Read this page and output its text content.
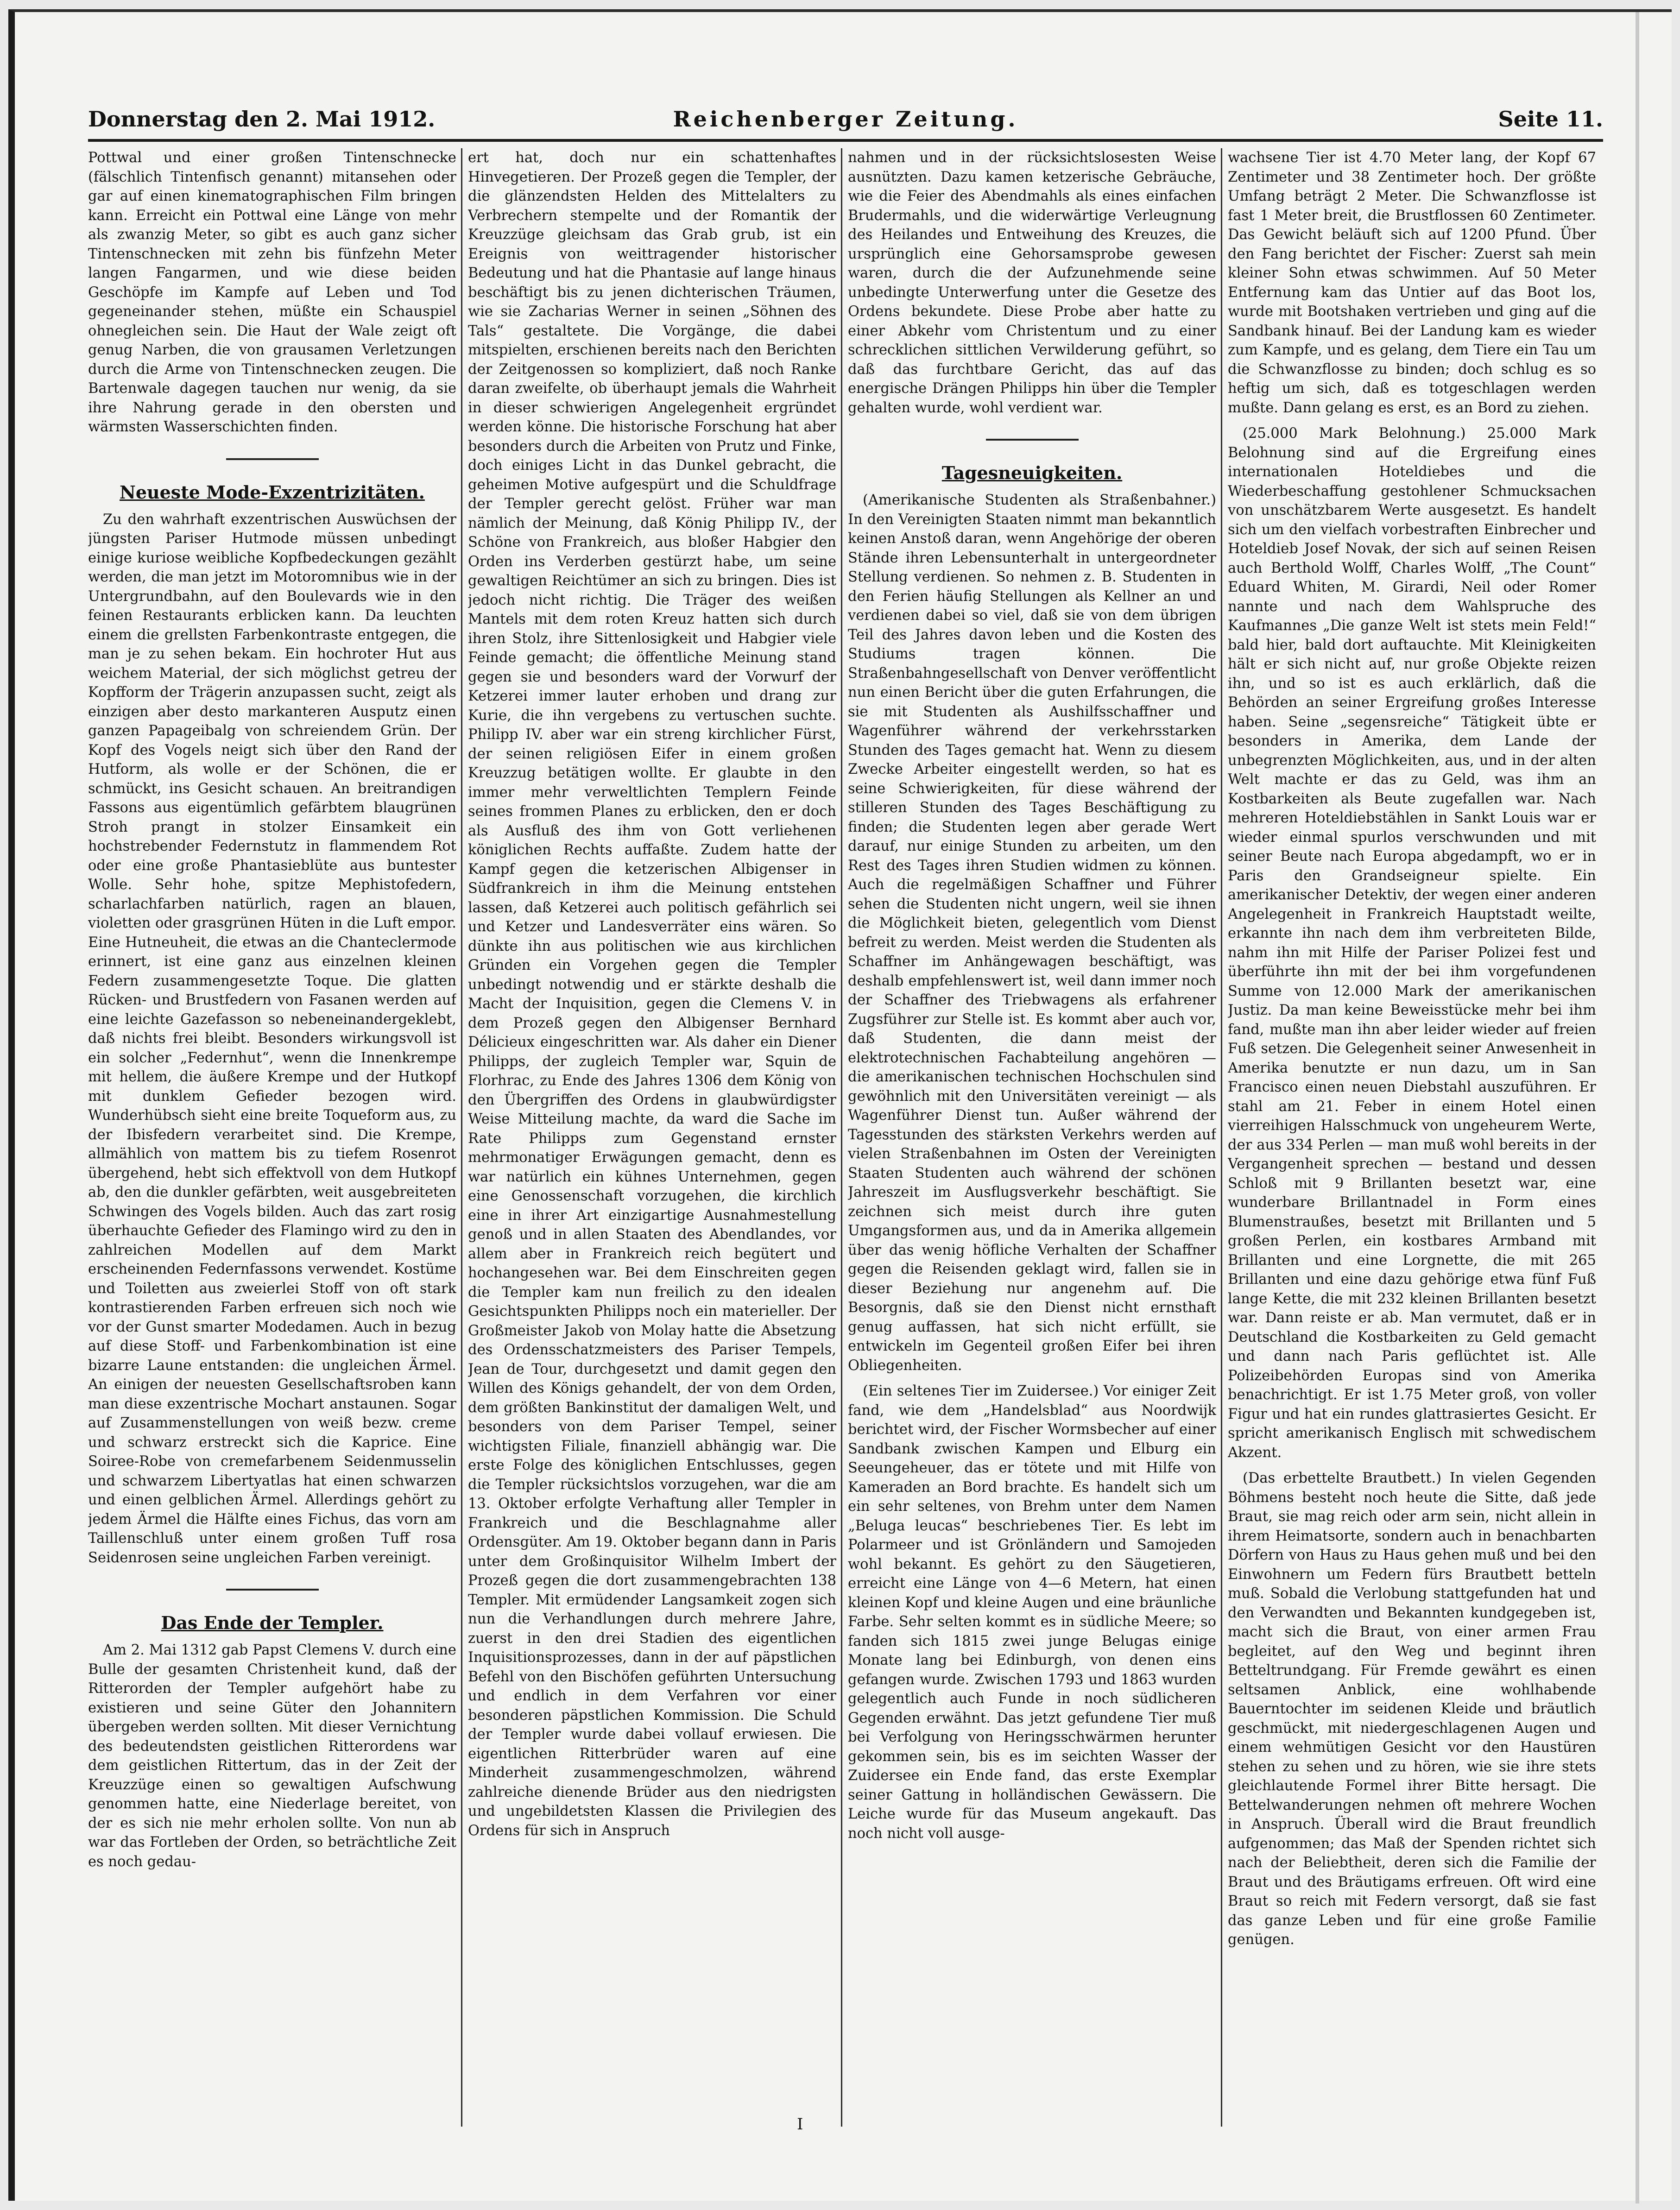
Donnerstag den 2. Mai 1912.	Reichenberger Zeitung.	Seite 11.

Pottwal und einer großen Tintenschnecke (fälschlich Tintenfisch genannt) mitansehen oder gar auf einen kinematographischen Film bringen kann. Erreicht ein Pottwal eine Länge von mehr als zwanzig Meter, so gibt es auch ganz sicher Tintenschnecken mit zehn bis fünfzehn Meter langen Fangarmen, und wie diese beiden Geschöpfe im Kampfe auf Leben und Tod gegeneinander stehen, müßte ein Schauspiel ohnegleichen sein. Die Haut der Wale zeigt oft genug Narben, die von grausamen Verletzungen durch die Arme von Tintenschnecken zeugen. Die Bartenwale dagegen tauchen nur wenig, da sie ihre Nahrung gerade in den obersten und wärmsten Wasserschichten finden.

Neueste Mode-Exzentrizitäten.

Zu den wahrhaft exzentrischen Auswüchsen der jüngsten Pariser Hutmode müssen unbedingt einige kuriose weibliche Kopfbedeckungen gezählt werden, die man jetzt im Motoromnibus wie in der Untergrundbahn, auf den Boulevards wie in den feinen Restaurants erblicken kann. Da leuchten einem die grellsten Farbenkontraste entgegen, die man je zu sehen bekam. Ein hochroter Hut aus weichem Material, der sich möglichst getreu der Kopfform der Trägerin anzupassen sucht, zeigt als einzigen aber desto markanteren Ausputz einen ganzen Papageibalg von schreiendem Grün. Der Kopf des Vogels neigt sich über den Rand der Hutform, als wolle er der Schönen, die er schmückt, ins Gesicht schauen. An breitrandigen Fassons aus eigentümlich gefärbtem blaugrünen Stroh prangt in stolzer Einsamkeit ein hochstrebender Federnstutz in flammendem Rot oder eine große Phantasieblüte aus buntester Wolle. Sehr hohe, spitze Mephistofedern, scharlachfarben natürlich, ragen an blauen, violetten oder grasgrünen Hüten in die Luft empor. Eine Hutneuheit, die etwas an die Chanteclermode erinnert, ist eine ganz aus einzelnen kleinen Federn zusammengesetzte Toque. Die glatten Rücken- und Brustfedern von Fasanen werden auf eine leichte Gazefasson so nebeneinandergeklebt, daß nichts frei bleibt. Besonders wirkungsvoll ist ein solcher „Federnhut“, wenn die Innenkrempe mit hellem, die äußere Krempe und der Hutkopf mit dunklem Gefieder bezogen wird. Wunderhübsch sieht eine breite Toqueform aus, zu der Ibisfedern verarbeitet sind. Die Krempe, allmählich von mattem bis zu tiefem Rosenrot übergehend, hebt sich effektvoll von dem Hutkopf ab, den die dunkler gefärbten, weit ausgebreiteten Schwingen des Vogels bilden. Auch das zart rosig überhauchte Gefieder des Flamingo wird zu den in zahlreichen Modellen auf dem Markt erscheinenden Federnfassons verwendet. Kostüme und Toiletten aus zweierlei Stoff von oft stark kontrastierenden Farben erfreuen sich noch wie vor der Gunst smarter Modedamen. Auch in bezug auf diese Stoff- und Farbenkombination ist eine bizarre Laune entstanden: die ungleichen Ärmel. An einigen der neuesten Gesellschaftsroben kann man diese exzentrische Mochart anstaunen. Sogar auf Zusammenstellungen von weiß bezw. creme und schwarz erstreckt sich die Kaprice. Eine Soiree-Robe von cremefarbenem Seidenmusselin und schwarzem Libertyatlas hat einen schwarzen und einen gelblichen Ärmel. Allerdings gehört zu jedem Ärmel die Hälfte eines Fichus, das vorn am Taillenschluß unter einem großen Tuff rosa Seidenrosen seine ungleichen Farben vereinigt.

Das Ende der Templer.

Am 2. Mai 1312 gab Papst Clemens V. durch eine Bulle der gesamten Christenheit kund, daß der Ritterorden der Templer aufgehört habe zu existieren und seine Güter den Johannitern übergeben werden sollten. Mit dieser Vernichtung des bedeutendsten geistlichen Ritterordens war dem geistlichen Rittertum, das in der Zeit der Kreuzzüge einen so gewaltigen Aufschwung genommen hatte, eine Niederlage bereitet, von der es sich nie mehr erholen sollte. Von nun ab war das Fortleben der Orden, so beträchtliche Zeit es noch gedau-

ert hat, doch nur ein schattenhaftes Hinvegetieren. Der Prozeß gegen die Templer, der die glänzendsten Helden des Mittelalters zu Verbrechern stempelte und der Romantik der Kreuzzüge gleichsam das Grab grub, ist ein Ereignis von weittragender historischer Bedeutung und hat die Phantasie auf lange hinaus beschäftigt bis zu jenen dichterischen Träumen, wie sie Zacharias Werner in seinen „Söhnen des Tals“ gestaltete. Die Vorgänge, die dabei mitspielten, erschienen bereits nach den Berichten der Zeitgenossen so kompliziert, daß noch Ranke daran zweifelte, ob überhaupt jemals die Wahrheit in dieser schwierigen Angelegenheit ergründet werden könne. Die historische Forschung hat aber besonders durch die Arbeiten von Prutz und Finke, doch einiges Licht in das Dunkel gebracht, die geheimen Motive aufgespürt und die Schuldfrage der Templer gerecht gelöst. Früher war man nämlich der Meinung, daß König Philipp IV., der Schöne von Frankreich, aus bloßer Habgier den Orden ins Verderben gestürzt habe, um seine gewaltigen Reichtümer an sich zu bringen. Dies ist jedoch nicht richtig. Die Träger des weißen Mantels mit dem roten Kreuz hatten sich durch ihren Stolz, ihre Sittenlosigkeit und Habgier viele Feinde gemacht; die öffentliche Meinung stand gegen sie und besonders ward der Vorwurf der Ketzerei immer lauter erhoben und drang zur Kurie, die ihn vergebens zu vertuschen suchte. Philipp IV. aber war ein streng kirchlicher Fürst, der seinen religiösen Eifer in einem großen Kreuzzug betätigen wollte. Er glaubte in den immer mehr verweltlichten Templern Feinde seines frommen Planes zu erblicken, den er doch als Ausfluß des ihm von Gott verliehenen königlichen Rechts auffaßte. Zudem hatte der Kampf gegen die ketzerischen Albigenser in Südfrankreich in ihm die Meinung entstehen lassen, daß Ketzerei auch politisch gefährlich sei und Ketzer und Landesverräter eins wären. So dünkte ihn aus politischen wie aus kirchlichen Gründen ein Vorgehen gegen die Templer unbedingt notwendig und er stärkte deshalb die Macht der Inquisition, gegen die Clemens V. in dem Prozeß gegen den Albigenser Bernhard Délicieux eingeschritten war. Als daher ein Diener Philipps, der zugleich Templer war, Squin de Florhrac, zu Ende des Jahres 1306 dem König von den Übergriffen des Ordens in glaubwürdigster Weise Mitteilung machte, da ward die Sache im Rate Philipps zum Gegenstand ernster mehrmonatiger Erwägungen gemacht, denn es war natürlich ein kühnes Unternehmen, gegen eine Genossenschaft vorzugehen, die kirchlich eine in ihrer Art einzigartige Ausnahmestellung genoß und in allen Staaten des Abendlandes, vor allem aber in Frankreich reich begütert und hochangesehen war. Bei dem Einschreiten gegen die Templer kam nun freilich zu den idealen Gesichtspunkten Philipps noch ein materieller. Der Großmeister Jakob von Molay hatte die Absetzung des Ordensschatzmeisters des Pariser Tempels, Jean de Tour, durchgesetzt und damit gegen den Willen des Königs gehandelt, der von dem Orden, dem größten Bankinstitut der damaligen Welt, und besonders von dem Pariser Tempel, seiner wichtigsten Filiale, finanziell abhängig war. Die erste Folge des königlichen Entschlusses, gegen die Templer rücksichtslos vorzugehen, war die am 13. Oktober erfolgte Verhaftung aller Templer in Frankreich und die Beschlagnahme aller Ordensgüter. Am 19. Oktober begann dann in Paris unter dem Großinquisitor Wilhelm Imbert der Prozeß gegen die dort zusammengebrachten 138 Templer. Mit ermüdender Langsamkeit zogen sich nun die Verhandlungen durch mehrere Jahre, zuerst in den drei Stadien des eigentlichen Inquisitionsprozesses, dann in der auf päpstlichen Befehl von den Bischöfen geführten Untersuchung und endlich in dem Verfahren vor einer besonderen päpstlichen Kommission. Die Schuld der Templer wurde dabei vollauf erwiesen. Die eigentlichen Ritterbrüder waren auf eine Minderheit zusammengeschmolzen, während zahlreiche dienende Brüder aus den niedrigsten und ungebildetsten Klassen die Privilegien des Ordens für sich in Anspruch

nahmen und in der rücksichtslosesten Weise ausnützten. Dazu kamen ketzerische Gebräuche, wie die Feier des Abendmahls als eines einfachen Brudermahls, und die widerwärtige Verleugnung des Heilandes und Entweihung des Kreuzes, die ursprünglich eine Gehorsamsprobe gewesen waren, durch die der Aufzunehmende seine unbedingte Unterwerfung unter die Gesetze des Ordens bekundete. Diese Probe aber hatte zu einer Abkehr vom Christentum und zu einer schrecklichen sittlichen Verwilderung geführt, so daß das furchtbare Gericht, das auf das energische Drängen Philipps hin über die Templer gehalten wurde, wohl verdient war.

Tagesneuigkeiten.

(Amerikanische Studenten als Straßenbahner.) In den Vereinigten Staaten nimmt man bekanntlich keinen Anstoß daran, wenn Angehörige der oberen Stände ihren Lebensunterhalt in untergeordneter Stellung verdienen. So nehmen z. B. Studenten in den Ferien häufig Stellungen als Kellner an und verdienen dabei so viel, daß sie von dem übrigen Teil des Jahres davon leben und die Kosten des Studiums tragen können. Die Straßenbahngesellschaft von Denver veröffentlicht nun einen Bericht über die guten Erfahrungen, die sie mit Studenten als Aushilfsschaffner und Wagenführer während der verkehrsstarken Stunden des Tages gemacht hat. Wenn zu diesem Zwecke Arbeiter eingestellt werden, so hat es seine Schwierigkeiten, für diese während der stilleren Stunden des Tages Beschäftigung zu finden; die Studenten legen aber gerade Wert darauf, nur einige Stunden zu arbeiten, um den Rest des Tages ihren Studien widmen zu können. Auch die regelmäßigen Schaffner und Führer sehen die Studenten nicht ungern, weil sie ihnen die Möglichkeit bieten, gelegentlich vom Dienst befreit zu werden. Meist werden die Studenten als Schaffner im Anhängewagen beschäftigt, was deshalb empfehlenswert ist, weil dann immer noch der Schaffner des Triebwagens als erfahrener Zugsführer zur Stelle ist. Es kommt aber auch vor, daß Studenten, die dann meist der elektrotechnischen Fachabteilung angehören — die amerikanischen technischen Hochschulen sind gewöhnlich mit den Universitäten vereinigt — als Wagenführer Dienst tun. Außer während der Tagesstunden des stärksten Verkehrs werden auf vielen Straßenbahnen im Osten der Vereinigten Staaten Studenten auch während der schönen Jahreszeit im Ausflugsverkehr beschäftigt. Sie zeichnen sich meist durch ihre guten Umgangsformen aus, und da in Amerika allgemein über das wenig höfliche Verhalten der Schaffner gegen die Reisenden geklagt wird, fallen sie in dieser Beziehung nur angenehm auf. Die Besorgnis, daß sie den Dienst nicht ernsthaft genug auffassen, hat sich nicht erfüllt, sie entwickeln im Gegenteil großen Eifer bei ihren Obliegenheiten.

(Ein seltenes Tier im Zuidersee.) Vor einiger Zeit fand, wie dem „Handelsblad“ aus Noordwijk berichtet wird, der Fischer Wormsbecher auf einer Sandbank zwischen Kampen und Elburg ein Seeungeheuer, das er tötete und mit Hilfe von Kameraden an Bord brachte. Es handelt sich um ein sehr seltenes, von Brehm unter dem Namen „Beluga leucas“ beschriebenes Tier. Es lebt im Polarmeer und ist Grönländern und Samojeden wohl bekannt. Es gehört zu den Säugetieren, erreicht eine Länge von 4—6 Metern, hat einen kleinen Kopf und kleine Augen und eine bräunliche Farbe. Sehr selten kommt es in südliche Meere; so fanden sich 1815 zwei junge Belugas einige Monate lang bei Edinburgh, von denen eins gefangen wurde. Zwischen 1793 und 1863 wurden gelegentlich auch Funde in noch südlicheren Gegenden erwähnt. Das jetzt gefundene Tier muß bei Verfolgung von Heringsschwärmen herunter gekommen sein, bis es im seichten Wasser der Zuidersee ein Ende fand, das erste Exemplar seiner Gattung in holländischen Gewässern. Die Leiche wurde für das Museum angekauft. Das noch nicht voll ausge-

wachsene Tier ist 4.70 Meter lang, der Kopf 67 Zentimeter und 38 Zentimeter hoch. Der größte Umfang beträgt 2 Meter. Die Schwanzflosse ist fast 1 Meter breit, die Brustflossen 60 Zentimeter. Das Gewicht beläuft sich auf 1200 Pfund. Über den Fang berichtet der Fischer: Zuerst sah mein kleiner Sohn etwas schwimmen. Auf 50 Meter Entfernung kam das Untier auf das Boot los, wurde mit Bootshaken vertrieben und ging auf die Sandbank hinauf. Bei der Landung kam es wieder zum Kampfe, und es gelang, dem Tiere ein Tau um die Schwanzflosse zu binden; doch schlug es so heftig um sich, daß es totgeschlagen werden mußte. Dann gelang es erst, es an Bord zu ziehen.

(25.000 Mark Belohnung.) 25.000 Mark Belohnung sind auf die Ergreifung eines internationalen Hoteldiebes und die Wiederbeschaffung gestohlener Schmucksachen von unschätzbarem Werte ausgesetzt. Es handelt sich um den vielfach vorbestraften Einbrecher und Hoteldieb Josef Novak, der sich auf seinen Reisen auch Berthold Wolff, Charles Wolff, „The Count“ Eduard Whiten, M. Girardi, Neil oder Romer nannte und nach dem Wahlspruche des Kaufmannes „Die ganze Welt ist stets mein Feld!“ bald hier, bald dort auftauchte. Mit Kleinigkeiten hält er sich nicht auf, nur große Objekte reizen ihn, und so ist es auch erklärlich, daß die Behörden an seiner Ergreifung großes Interesse haben. Seine „segensreiche“ Tätigkeit übte er besonders in Amerika, dem Lande der unbegrenzten Möglichkeiten, aus, und in der alten Welt machte er das zu Geld, was ihm an Kostbarkeiten als Beute zugefallen war. Nach mehreren Hoteldiebstählen in Sankt Louis war er wieder einmal spurlos verschwunden und mit seiner Beute nach Europa abgedampft, wo er in Paris den Grandseigneur spielte. Ein amerikanischer Detektiv, der wegen einer anderen Angelegenheit in Frankreich Hauptstadt weilte, erkannte ihn nach dem ihm verbreiteten Bilde, nahm ihn mit Hilfe der Pariser Polizei fest und überführte ihn mit der bei ihm vorgefundenen Summe von 12.000 Mark der amerikanischen Justiz. Da man keine Beweisstücke mehr bei ihm fand, mußte man ihn aber leider wieder auf freien Fuß setzen. Die Gelegenheit seiner Anwesenheit in Amerika benutzte er nun dazu, um in San Francisco einen neuen Diebstahl auszuführen. Er stahl am 21. Feber in einem Hotel einen vierreihigen Halsschmuck von ungeheurem Werte, der aus 334 Perlen — man muß wohl bereits in der Vergangenheit sprechen — bestand und dessen Schloß mit 9 Brillanten besetzt war, eine wunderbare Brillantnadel in Form eines Blumenstraußes, besetzt mit Brillanten und 5 großen Perlen, ein kostbares Armband mit Brillanten und eine Lorgnette, die mit 265 Brillanten und eine dazu gehörige etwa fünf Fuß lange Kette, die mit 232 kleinen Brillanten besetzt war. Dann reiste er ab. Man vermutet, daß er in Deutschland die Kostbarkeiten zu Geld gemacht und dann nach Paris geflüchtet ist. Alle Polizeibehörden Europas sind von Amerika benachrichtigt. Er ist 1.75 Meter groß, von voller Figur und hat ein rundes glattrasiertes Gesicht. Er spricht amerikanisch Englisch mit schwedischem Akzent.

(Das erbettelte Brautbett.) In vielen Gegenden Böhmens besteht noch heute die Sitte, daß jede Braut, sie mag reich oder arm sein, nicht allein in ihrem Heimatsorte, sondern auch in benachbarten Dörfern von Haus zu Haus gehen muß und bei den Einwohnern um Federn fürs Brautbett betteln muß. Sobald die Verlobung stattgefunden hat und den Verwandten und Bekannten kundgegeben ist, macht sich die Braut, von einer armen Frau begleitet, auf den Weg und beginnt ihren Betteltrundgang. Für Fremde gewährt es einen seltsamen Anblick, eine wohlhabende Bauerntochter im seidenen Kleide und bräutlich geschmückt, mit niedergeschlagenen Augen und einem wehmütigen Gesicht vor den Haustüren stehen zu sehen und zu hören, wie sie ihre stets gleichlautende Formel ihrer Bitte hersagt. Die Bettelwanderungen nehmen oft mehrere Wochen in Anspruch. Überall wird die Braut freundlich aufgenommen; das Maß der Spenden richtet sich nach der Beliebtheit, deren sich die Familie der Braut und des Bräutigams erfreuen. Oft wird eine Braut so reich mit Federn versorgt, daß sie fast das ganze Leben und für eine große Familie genügen.

I
